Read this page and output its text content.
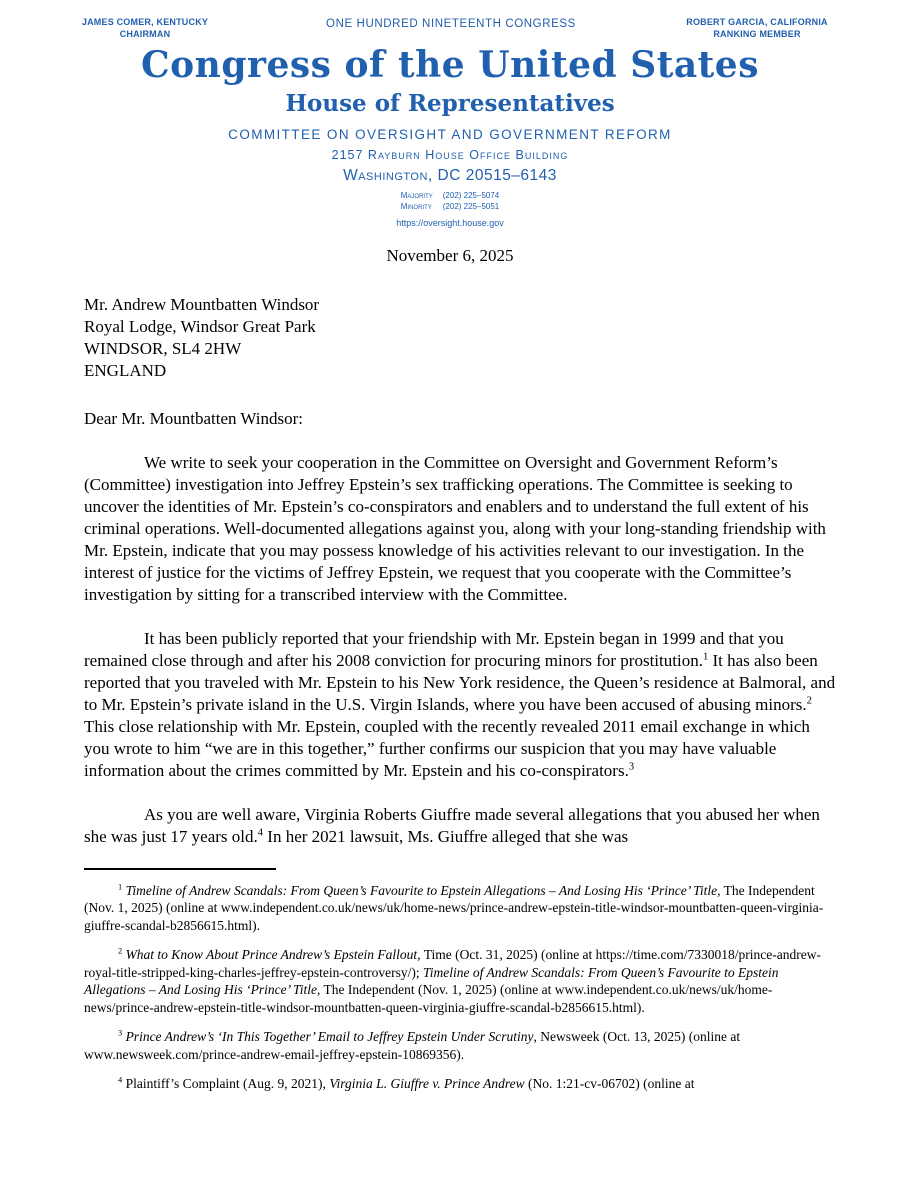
JAMES COMER, KENTUCKY
CHAIRMAN
ONE HUNDRED NINETEENTH CONGRESS	ROBERT GARCIA, CALIFORNIA
RANKING MEMBER
Congress of the United States
House of Representatives
COMMITTEE ON OVERSIGHT AND GOVERNMENT REFORM
2157 Rayburn House Office Building
Washington, DC 20515–6143
Majority (202) 225–5074
Minority (202) 225–5051
https://oversight.house.gov
November 6, 2025
Mr. Andrew Mountbatten Windsor
Royal Lodge, Windsor Great Park
WINDSOR, SL4 2HW
ENGLAND
Dear Mr. Mountbatten Windsor:

We write to seek your cooperation in the Committee on Oversight and Government Reform’s (Committee) investigation into Jeffrey Epstein’s sex trafficking operations. The Committee is seeking to uncover the identities of Mr. Epstein’s co-conspirators and enablers and to understand the full extent of his criminal operations. Well-documented allegations against you, along with your long-standing friendship with Mr. Epstein, indicate that you may possess knowledge of his activities relevant to our investigation. In the interest of justice for the victims of Jeffrey Epstein, we request that you cooperate with the Committee’s investigation by sitting for a transcribed interview with the Committee.

It has been publicly reported that your friendship with Mr. Epstein began in 1999 and that you remained close through and after his 2008 conviction for procuring minors for prostitution.$^1$ It has also been reported that you traveled with Mr. Epstein to his New York residence, the Queen’s residence at Balmoral, and to Mr. Epstein’s private island in the U.S. Virgin Islands, where you have been accused of abusing minors.$^2$ This close relationship with Mr. Epstein, coupled with the recently revealed 2011 email exchange in which you wrote to him “we are in this together,” further confirms our suspicion that you may have valuable information about the crimes committed by Mr. Epstein and his co-conspirators.$^3$

As you are well aware, Virginia Roberts Giuffre made several allegations that you abused her when she was just 17 years old.$^4$ In her 2021 lawsuit, Ms. Giuffre alleged that she was

$^1$ Timeline of Andrew Scandals: From Queen’s Favourite to Epstein Allegations – And Losing His ‘Prince’ Title, The Independent (Nov. 1, 2025) (online at www.independent.co.uk/news/uk/home-news/prince-andrew-epstein-title-windsor-mountbatten-queen-virginia-giuffre-scandal-b2856615.html).
$^2$ What to Know About Prince Andrew’s Epstein Fallout, Time (Oct. 31, 2025) (online at https://time.com/7330018/prince-andrew-royal-title-stripped-king-charles-jeffrey-epstein-controversy/); Timeline of Andrew Scandals: From Queen’s Favourite to Epstein Allegations – And Losing His ‘Prince’ Title, The Independent (Nov. 1, 2025) (online at www.independent.co.uk/news/uk/home-news/prince-andrew-epstein-title-windsor-mountbatten-queen-virginia-giuffre-scandal-b2856615.html).
$^3$ Prince Andrew’s ‘In This Together’ Email to Jeffrey Epstein Under Scrutiny, Newsweek (Oct. 13, 2025) (online at www.newsweek.com/prince-andrew-email-jeffrey-epstein-10869356).
$^4$ Plaintiff’s Complaint (Aug. 9, 2021), Virginia L. Giuffre v. Prince Andrew (No. 1:21-cv-06702) (online at
